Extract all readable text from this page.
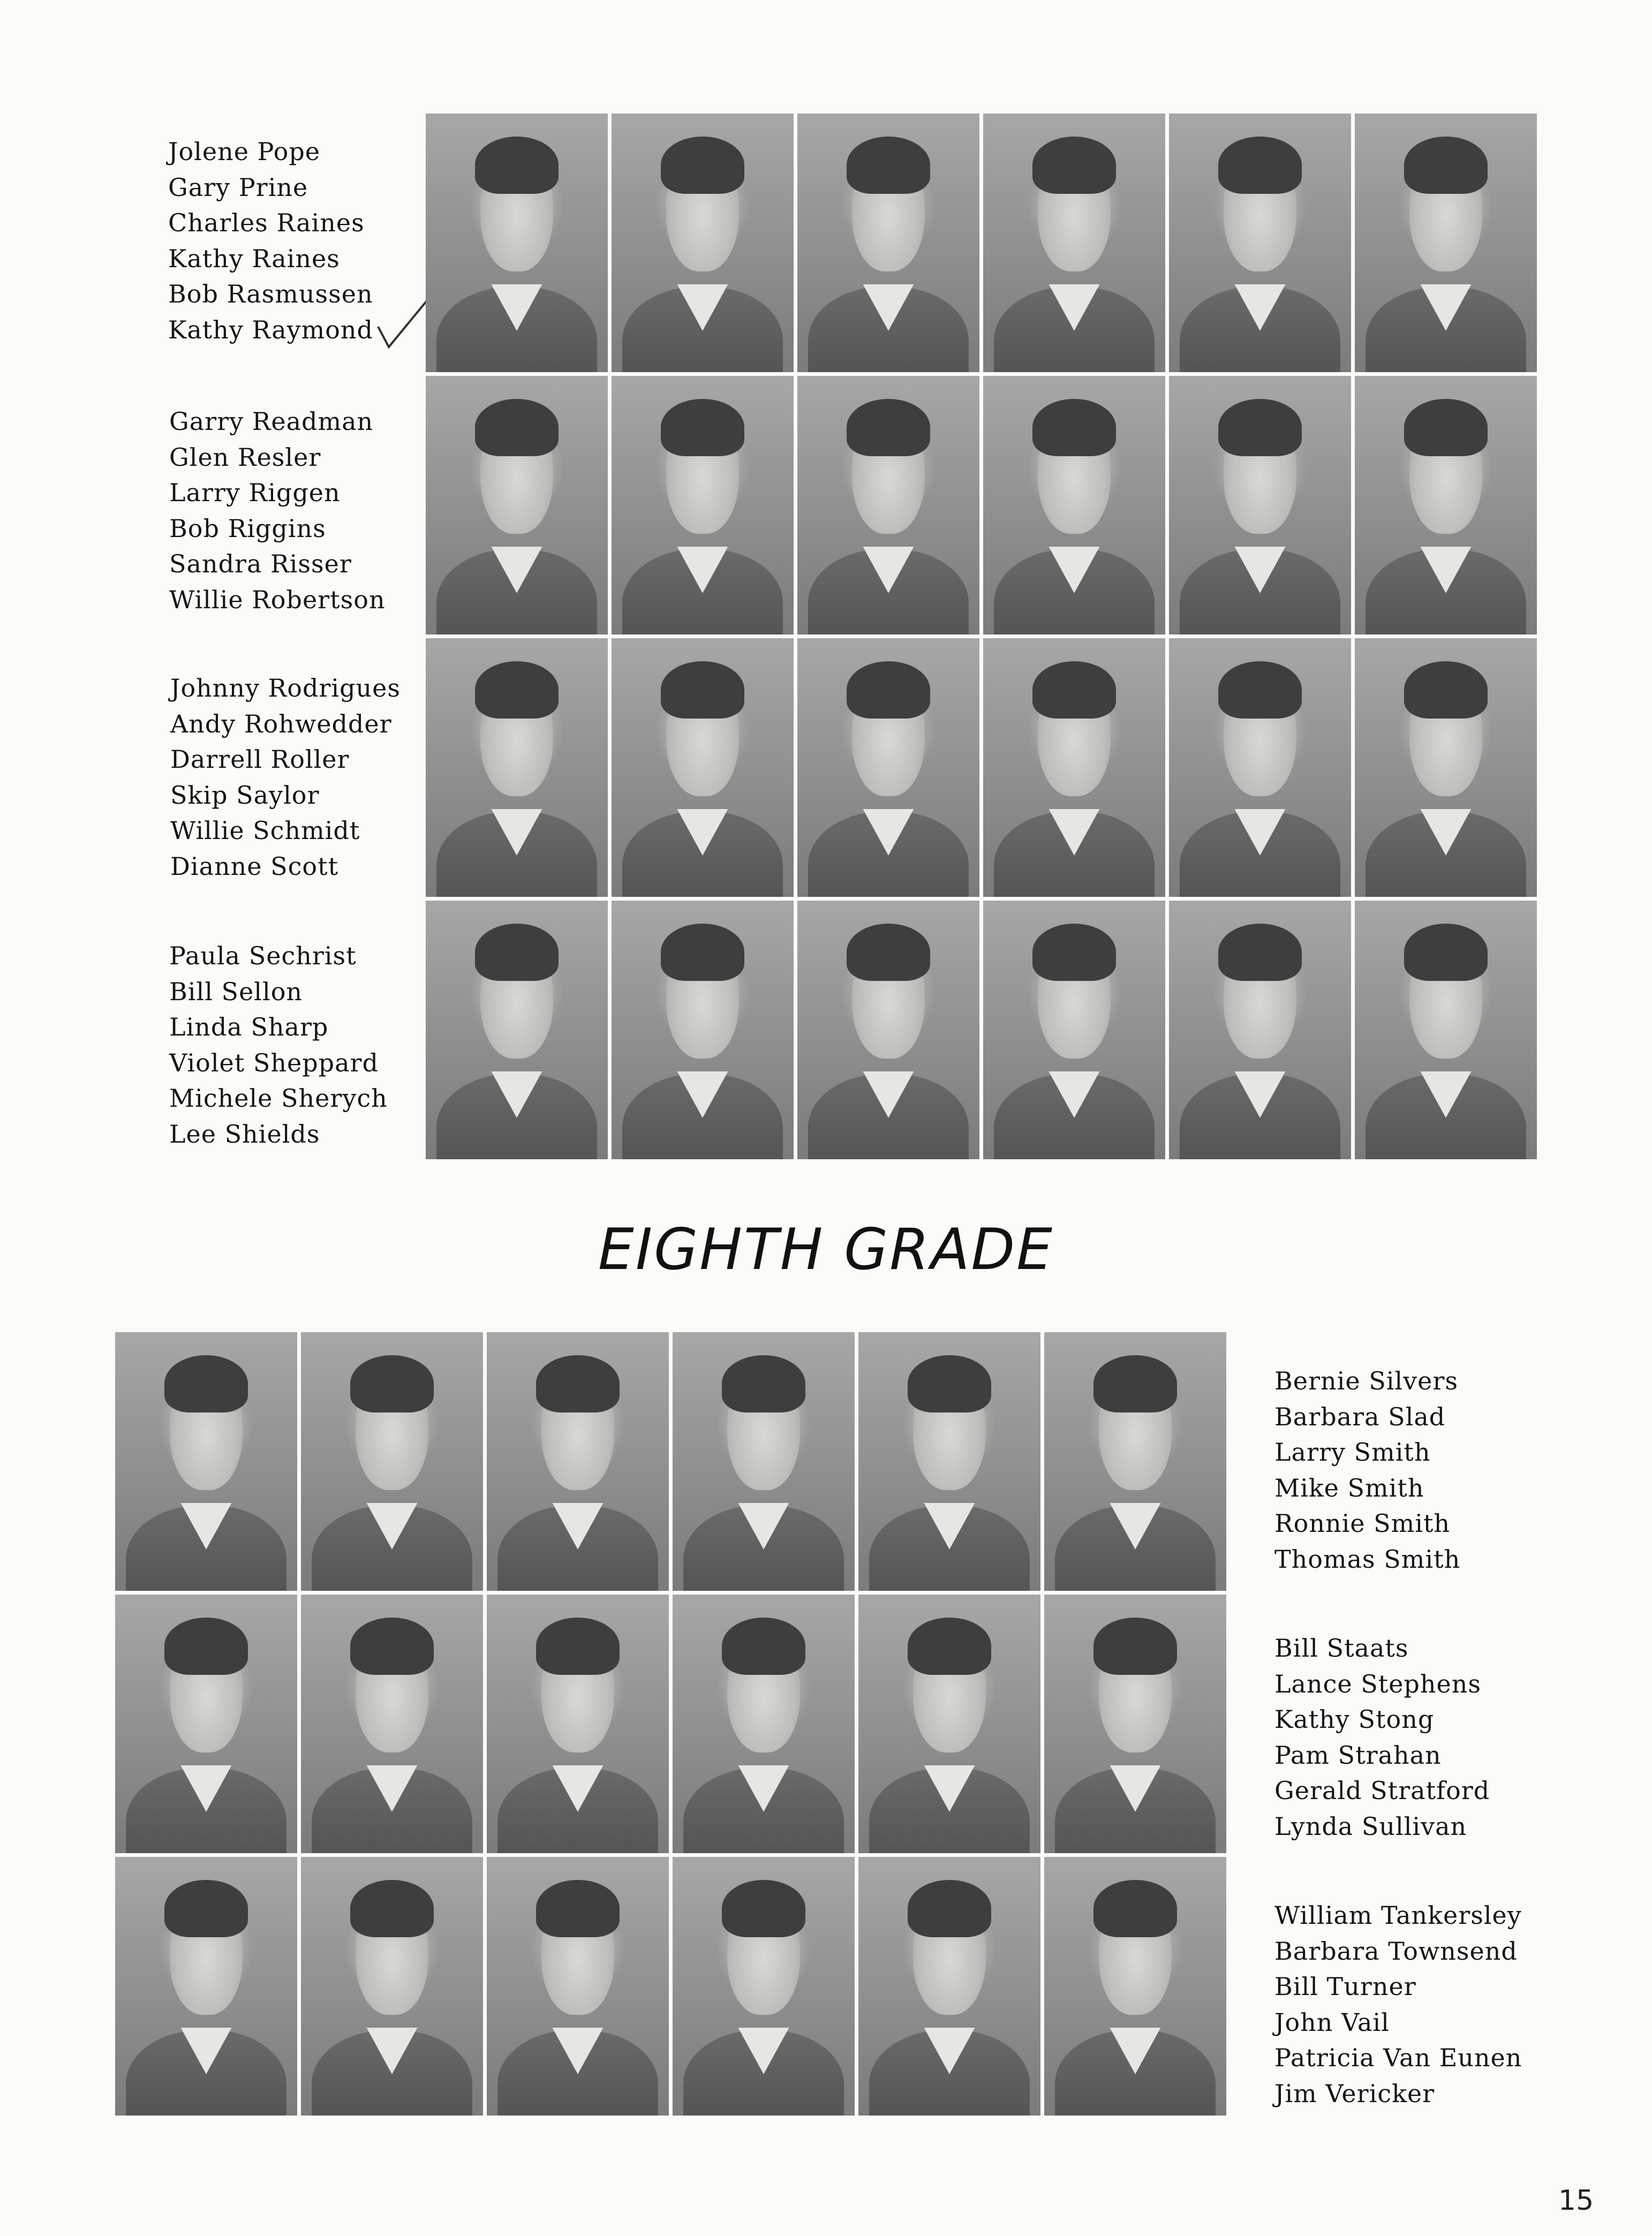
Jolene Pope
Gary Prine
Charles Raines
Kathy Raines
Bob Rasmussen
Kathy Raymond
Garry Readman
Glen Resler
Larry Riggen
Bob Riggins
Sandra Risser
Willie Robertson
Johnny Rodrigues
Andy Rohwedder
Darrell Roller
Skip Saylor
Willie Schmidt
Dianne Scott
Paula Sechrist
Bill Sellon
Linda Sharp
Violet Sheppard
Michele Sherych
Lee Shields
EIGHTH GRADE
Bernie Silvers
Barbara Slad
Larry Smith
Mike Smith
Ronnie Smith
Thomas Smith
Bill Staats
Lance Stephens
Kathy Stong
Pam Strahan
Gerald Stratford
Lynda Sullivan
William Tankersley
Barbara Townsend
Bill Turner
John Vail
Patricia Van Eunen
Jim Vericker
15
